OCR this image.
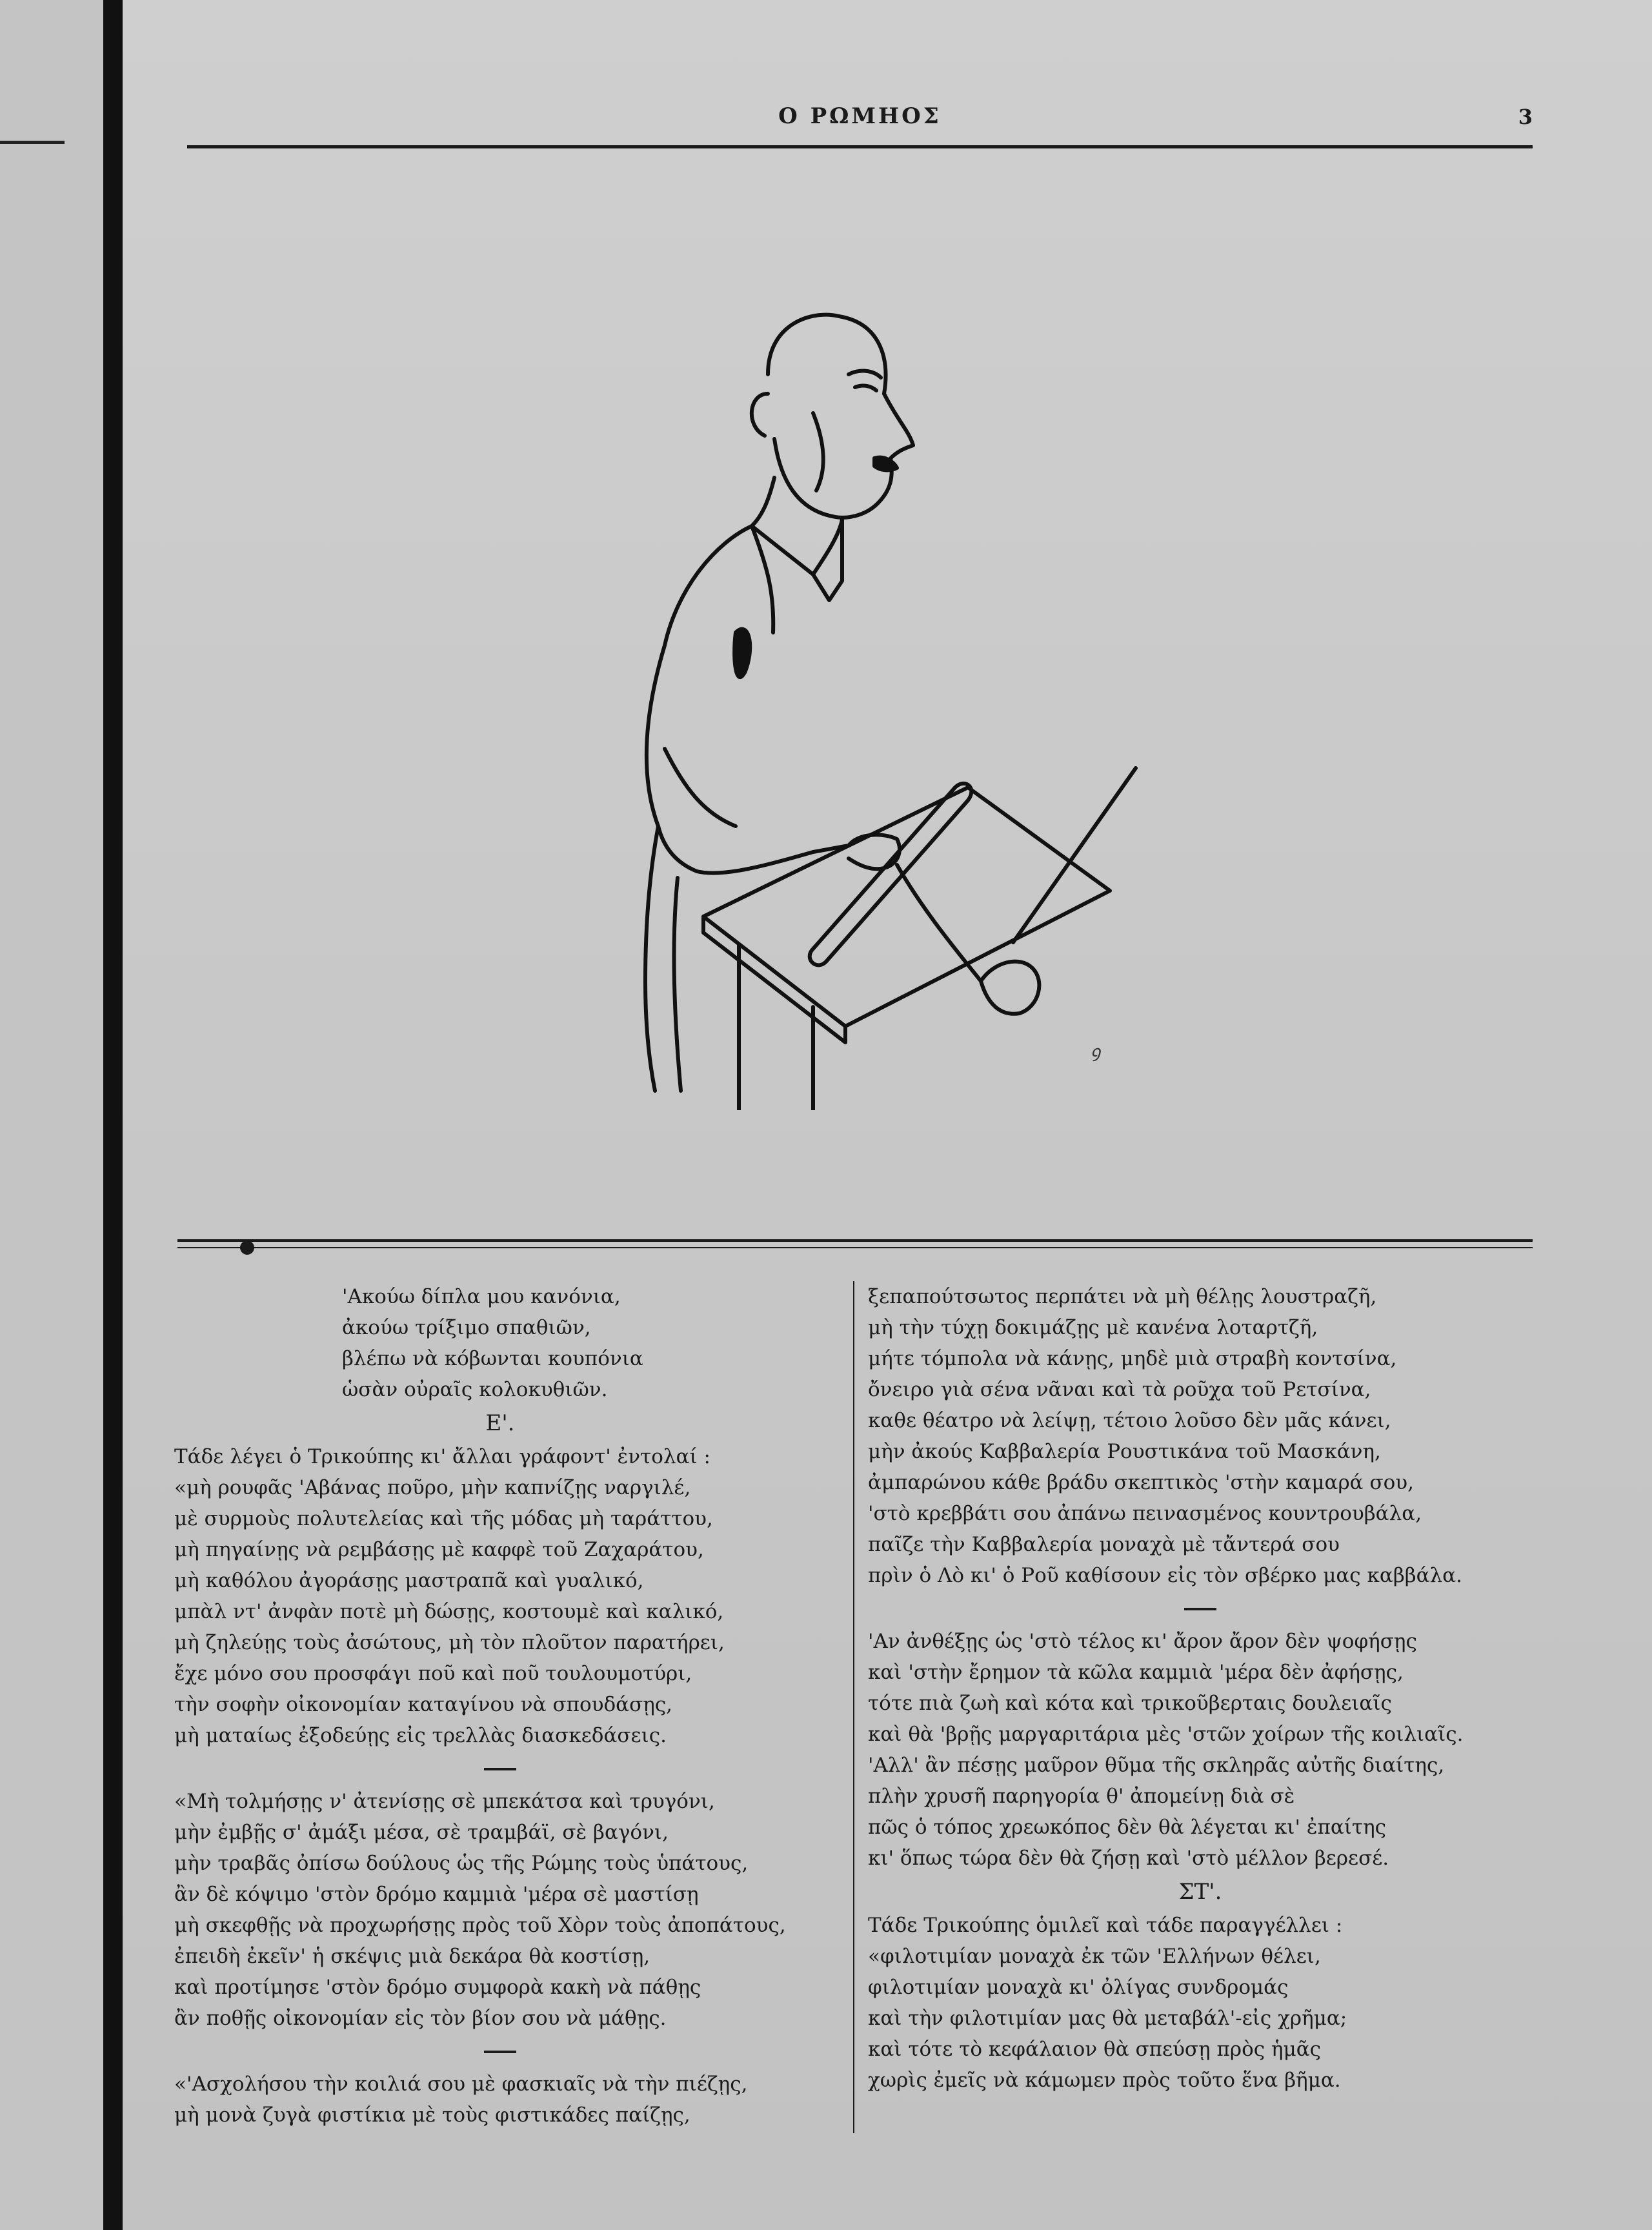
Ο ΡΩΜΗΟΣ	3
ꝯ
'Ακούω δίπλα μου κανόνια,
ἀκούω τρίξιμο σπαθιῶν,
βλέπω νὰ κόβωνται κουπόνια
ὡσὰν οὐραῖς κολοκυθιῶν.
Ε'.
Τάδε λέγει ὁ Τρικούπης κι' ἄλλαι γράφοντ' ἐντολαί :
«μὴ ρουφᾶς 'Αβάνας ποῦρο, μὴν καπνίζῃς ναργιλέ,
μὲ συρμοὺς πολυτελείας καὶ τῆς μόδας μὴ ταράττου,
μὴ πηγαίνῃς νὰ ρεμβάσῃς μὲ καφφὲ τοῦ Ζαχαράτου,
μὴ καθόλου ἀγοράσῃς μαστραπᾶ καὶ γυαλικό,
μπὰλ ντ' ἀνφὰν ποτὲ μὴ δώσῃς, κοστουμὲ καὶ καλικό,
μὴ ζηλεύῃς τοὺς ἀσώτους, μὴ τὸν πλοῦτον παρατήρει,
ἔχε μόνο σου προσφάγι ποῦ καὶ ποῦ τουλουμοτύρι,
τὴν σοφὴν οἰκονομίαν καταγίνου νὰ σπουδάσῃς,
μὴ ματαίως ἐξοδεύῃς εἰς τρελλὰς διασκεδάσεις.
«Μὴ τολμήσῃς ν' ἀτενίσῃς σὲ μπεκάτσα καὶ τρυγόνι,
μὴν ἐμβῇς σ' ἀμάξι μέσα, σὲ τραμβάϊ, σὲ βαγόνι,
μὴν τραβᾶς ὀπίσω δούλους ὡς τῆς Ρώμης τοὺς ὑπάτους,
ἂν δὲ κόψιμο 'στὸν δρόμο καμμιὰ 'μέρα σὲ μαστίσῃ
μὴ σκεφθῇς νὰ προχωρήσῃς πρὸς τοῦ Χὸρν τοὺς ἀποπάτους,
ἐπειδὴ ἐκεῖν' ἡ σκέψις μιὰ δεκάρα θὰ κοστίσῃ,
καὶ προτίμησε 'στὸν δρόμο συμφορὰ κακὴ νὰ πάθῃς
ἂν ποθῇς οἰκονομίαν εἰς τὸν βίον σου νὰ μάθῃς.
«'Ασχολήσου τὴν κοιλιά σου μὲ φασκιαῖς νὰ τὴν πιέζῃς,
μὴ μονὰ ζυγὰ φιστίκια μὲ τοὺς φιστικάδες παίζῃς,
ξεπαπούτσωτος περπάτει νὰ μὴ θέλῃς λουστραζῆ,
μὴ τὴν τύχῃ δοκιμάζῃς μὲ κανένα λοταρτζῆ,
μήτε τόμπολα νὰ κάνῃς, μηδὲ μιὰ στραβὴ κοντσίνα,
ὄνειρο γιὰ σένα νᾶναι καὶ τὰ ροῦχα τοῦ Ρετσίνα,
καθε θέατρο νὰ λείψῃ, τέτοιο λοῦσο δὲν μᾶς κάνει,
μὴν ἀκούς Καββαλερία Ρουστικάνα τοῦ Μασκάνη,
ἀμπαρώνου κάθε βράδυ σκεπτικὸς 'στὴν καμαρά σου,
'στὸ κρεββάτι σου ἀπάνω πεινασμένος κουντρουβάλα,
παῖζε τὴν Καββαλερία μοναχὰ μὲ τἄντερά σου
πρὶν ὁ Λὸ κι' ὁ Ροῦ καθίσουν εἰς τὸν σβέρκο μας καββάλα.
'Αν ἀνθέξῃς ὡς 'στὸ τέλος κι' ἄρον ἄρον δὲν ψοφήσῃς
καὶ 'στὴν ἔρημον τὰ κῶλα καμμιὰ 'μέρα δὲν ἀφήσῃς,
τότε πιὰ ζωὴ καὶ κότα καὶ τρικοῦβερταις δουλειαῖς
καὶ θὰ 'βρῇς μαργαριτάρια μὲς 'στῶν χοίρων τῆς κοιλιαῖς.
'Αλλ' ἂν πέσῃς μαῦρον θῦμα τῆς σκληρᾶς αὐτῆς διαίτης,
πλὴν χρυσῆ παρηγορία θ' ἀπομείνῃ διὰ σὲ
πῶς ὁ τόπος χρεωκόπος δὲν θὰ λέγεται κι' ἐπαίτης
κι' ὅπως τώρα δὲν θὰ ζήσῃ καὶ 'στὸ μέλλον βερεσέ.
ΣΤ'.
Τάδε Τρικούπης ὁμιλεῖ καὶ τάδε παραγγέλλει :
«φιλοτιμίαν μοναχὰ ἐκ τῶν 'Ελλήνων θέλει,
φιλοτιμίαν μοναχὰ κι' ὀλίγας συνδρομάς
καὶ τὴν φιλοτιμίαν μας θὰ μεταβάλ'-εἰς χρῆμα;
καὶ τότε τὸ κεφάλαιον θὰ σπεύσῃ πρὸς ἡμᾶς
χωρὶς ἐμεῖς νὰ κάμωμεν πρὸς τοῦτο ἕνα βῆμα.
